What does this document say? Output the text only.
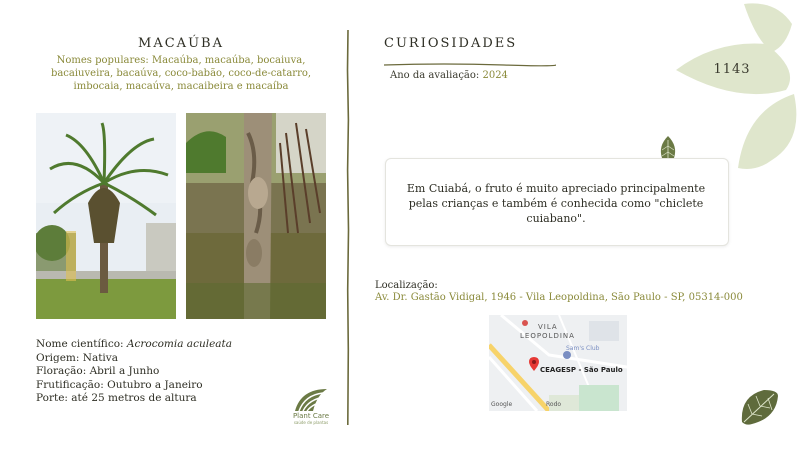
MACAÚBA
Nomes populares: Macaúba, macaúba, bocaiuva, bacaiuveira, bacaúva, coco-babão, coco-de-catarro, imbocaia, macaúva, macaibeira e macaíba
Nome científico: Acrocomia aculeata
Origem: Nativa
Floração: Abril a Junho
Frutificação: Outubro a Janeiro
Porte: até 25 metros de altura
Plant Care
saúde de plantas
CURIOSIDADES
Ano da avaliação: 2024	1143
Em Cuiabá, o fruto é muito apreciado principalmente pelas crianças e também é conhecida como "chiclete cuiabano".
Localização:
Av. Dr. Gastão Vidigal, 1946 - Vila Leopoldina, São Paulo - SP, 05314-000
VILA
LEOPOLDINA
Sam's Club
CEAGESP - São Paulo
Google	Rodo
